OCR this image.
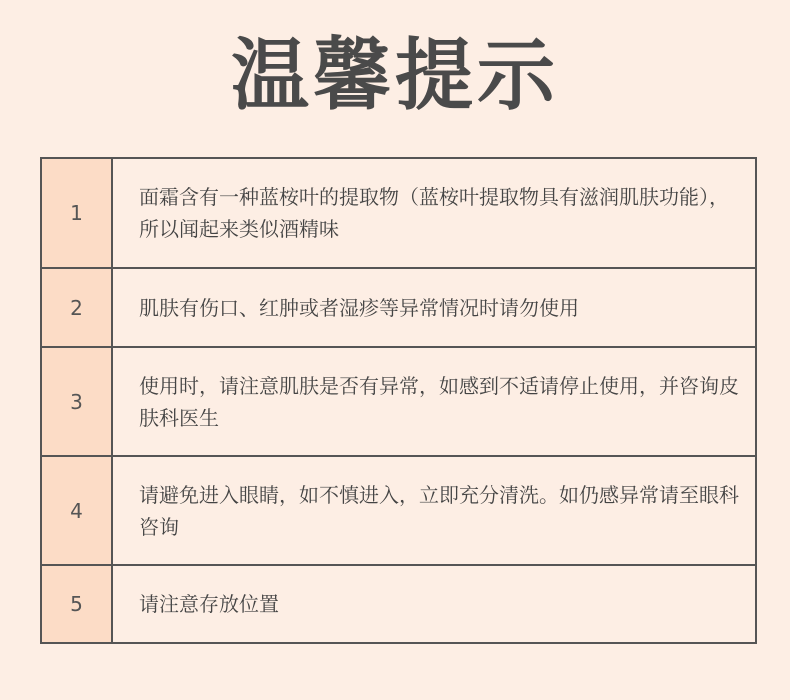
温馨提示
1
面霜含有一种蓝桉叶的提取物（蓝桉叶提取物具有滋润肌肤功能），所以闻起来类似酒精味
2	肌肤有伤口、红肿或者湿疹等异常情况时请勿使用
3
使用时，请注意肌肤是否有异常，如感到不适请停止使用，并咨询皮肤科医生
4
请避免进入眼睛，如不慎进入，立即充分清洗。如仍感异常请至眼科咨询
5	请注意存放位置
